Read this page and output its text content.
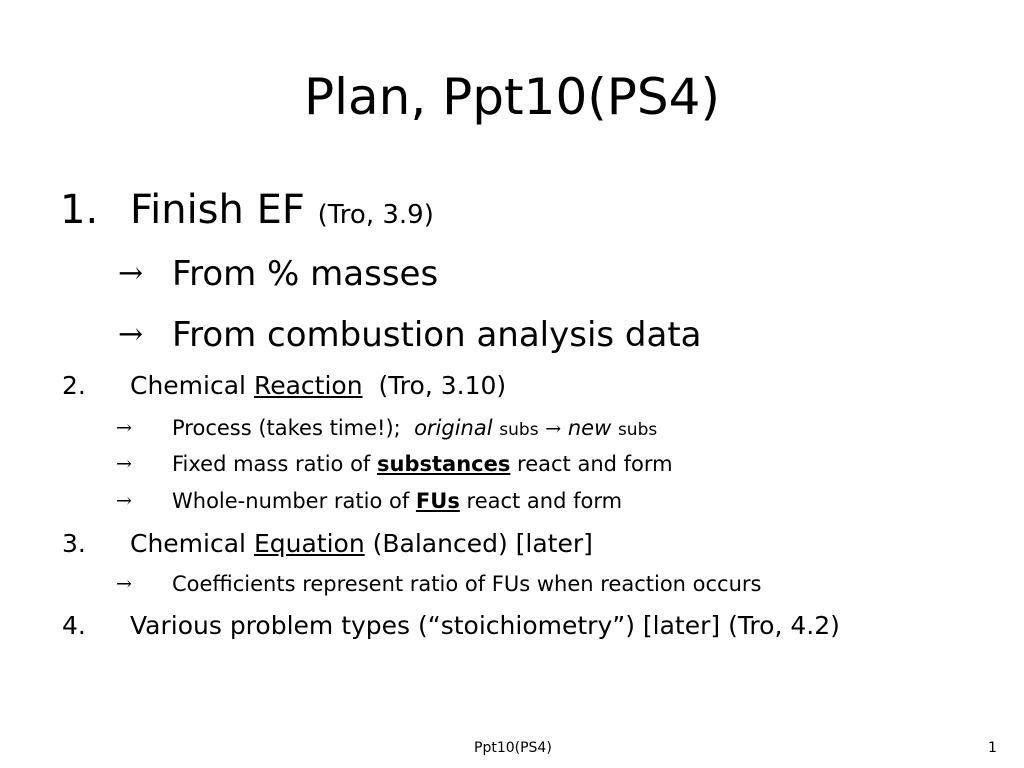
Plan, Ppt10(PS4)
1. Finish EF (Tro, 3.9)
→ From % masses
→ From combustion analysis data
2. Chemical Reaction (Tro, 3.10)
→ Process (takes time!); original subs → new subs
→ Fixed mass ratio of substances react and form
→ Whole-number ratio of FUs react and form
3. Chemical Equation (Balanced) [later]
→ Coefficients represent ratio of FUs when reaction occurs
4. Various problem types (“stoichiometry”) [later] (Tro, 4.2)
Ppt10(PS4)	1
